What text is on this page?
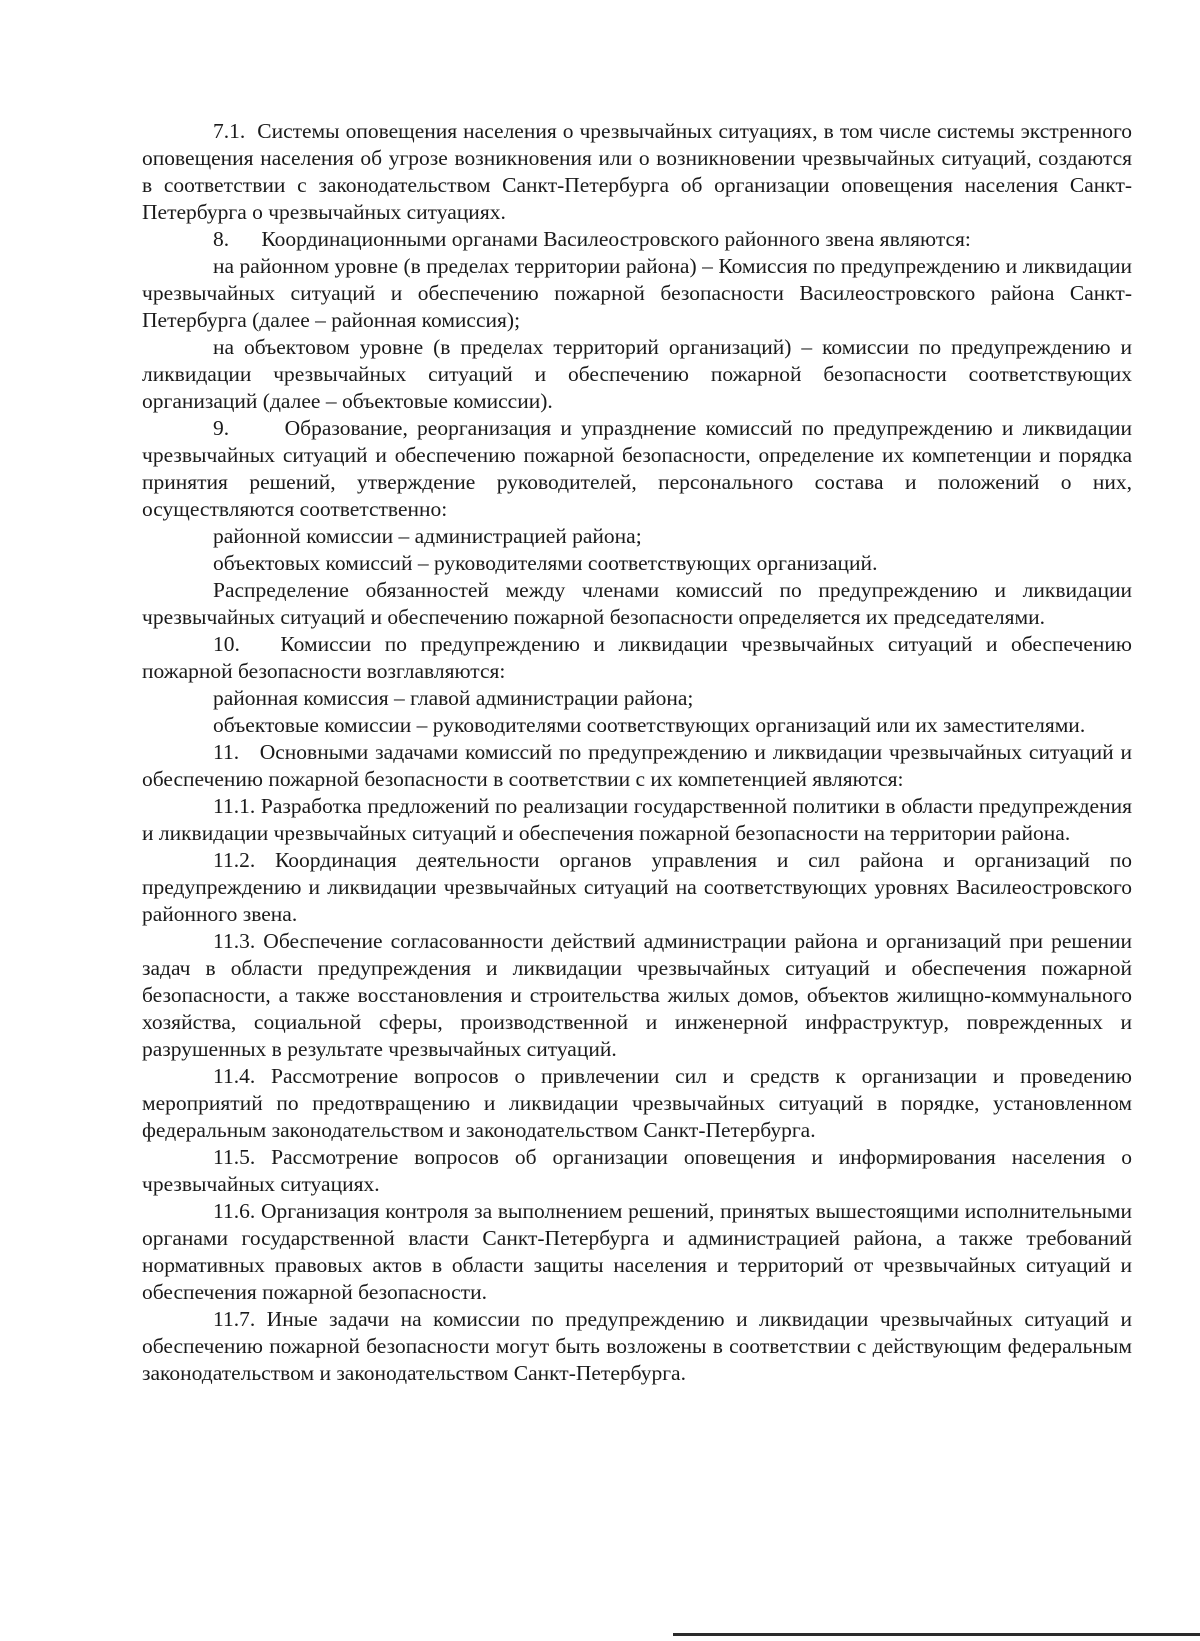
7.1.  Системы оповещения населения о чрезвычайных ситуациях, в том числе системы экстренного оповещения населения об угрозе возникновения или о возникновении чрезвычайных ситуаций, создаются в соответствии с законодательством Санкт-Петербурга об организации оповещения населения Санкт-Петербурга о чрезвычайных ситуациях.

8.      Координационными органами Василеостровского районного звена являются:

на районном уровне (в пределах территории района) – Комиссия по предупреждению и ликвидации чрезвычайных ситуаций и обеспечению пожарной безопасности Василеостровского района Санкт-Петербурга (далее – районная комиссия);

на объектовом уровне (в пределах территорий организаций) – комиссии по предупреждению и ликвидации чрезвычайных ситуаций и обеспечению пожарной безопасности соответствующих организаций (далее – объектовые комиссии).

9.      Образование, реорганизация и упразднение комиссий по предупреждению и ликвидации чрезвычайных ситуаций и обеспечению пожарной безопасности, определение их компетенции и порядка принятия решений, утверждение руководителей, персонального состава и положений о них, осуществляются соответственно:

районной комиссии – администрацией района;

объектовых комиссий – руководителями соответствующих организаций.

Распределение обязанностей между членами комиссий по предупреждению и ликвидации чрезвычайных ситуаций и обеспечению пожарной безопасности определяется их председателями.

10.   Комиссии по предупреждению и ликвидации чрезвычайных ситуаций и обеспечению пожарной безопасности возглавляются:

районная комиссия – главой администрации района;

объектовые комиссии – руководителями соответствующих организаций или их заместителями.

11.   Основными задачами комиссий по предупреждению и ликвидации чрезвычайных ситуаций и обеспечению пожарной безопасности в соответствии с их компетенцией являются:

11.1. Разработка предложений по реализации государственной политики в области предупреждения и ликвидации чрезвычайных ситуаций и обеспечения пожарной безопасности на территории района.

11.2. Координация деятельности органов управления и сил района и организаций по предупреждению и ликвидации чрезвычайных ситуаций на соответствующих уровнях Василеостровского районного звена.

11.3. Обеспечение согласованности действий администрации района и организаций при решении задач в области предупреждения и ликвидации чрезвычайных ситуаций и обеспечения пожарной безопасности, а также восстановления и строительства жилых домов, объектов жилищно-коммунального хозяйства, социальной сферы, производственной и инженерной инфраструктур, поврежденных и разрушенных в результате чрезвычайных ситуаций.

11.4. Рассмотрение вопросов о привлечении сил и средств к организации и проведению мероприятий по предотвращению и ликвидации чрезвычайных ситуаций в порядке, установленном федеральным законодательством и законодательством Санкт-Петербурга.

11.5. Рассмотрение вопросов об организации оповещения и информирования населения о чрезвычайных ситуациях.

11.6. Организация контроля за выполнением решений, принятых вышестоящими исполнительными органами государственной власти Санкт-Петербурга и администрацией района, а также требований нормативных правовых актов в области защиты населения и территорий от чрезвычайных ситуаций и обеспечения пожарной безопасности.

11.7. Иные задачи на комиссии по предупреждению и ликвидации чрезвычайных ситуаций и обеспечению пожарной безопасности могут быть возложены в соответствии с действующим федеральным законодательством и законодательством Санкт-Петербурга.
